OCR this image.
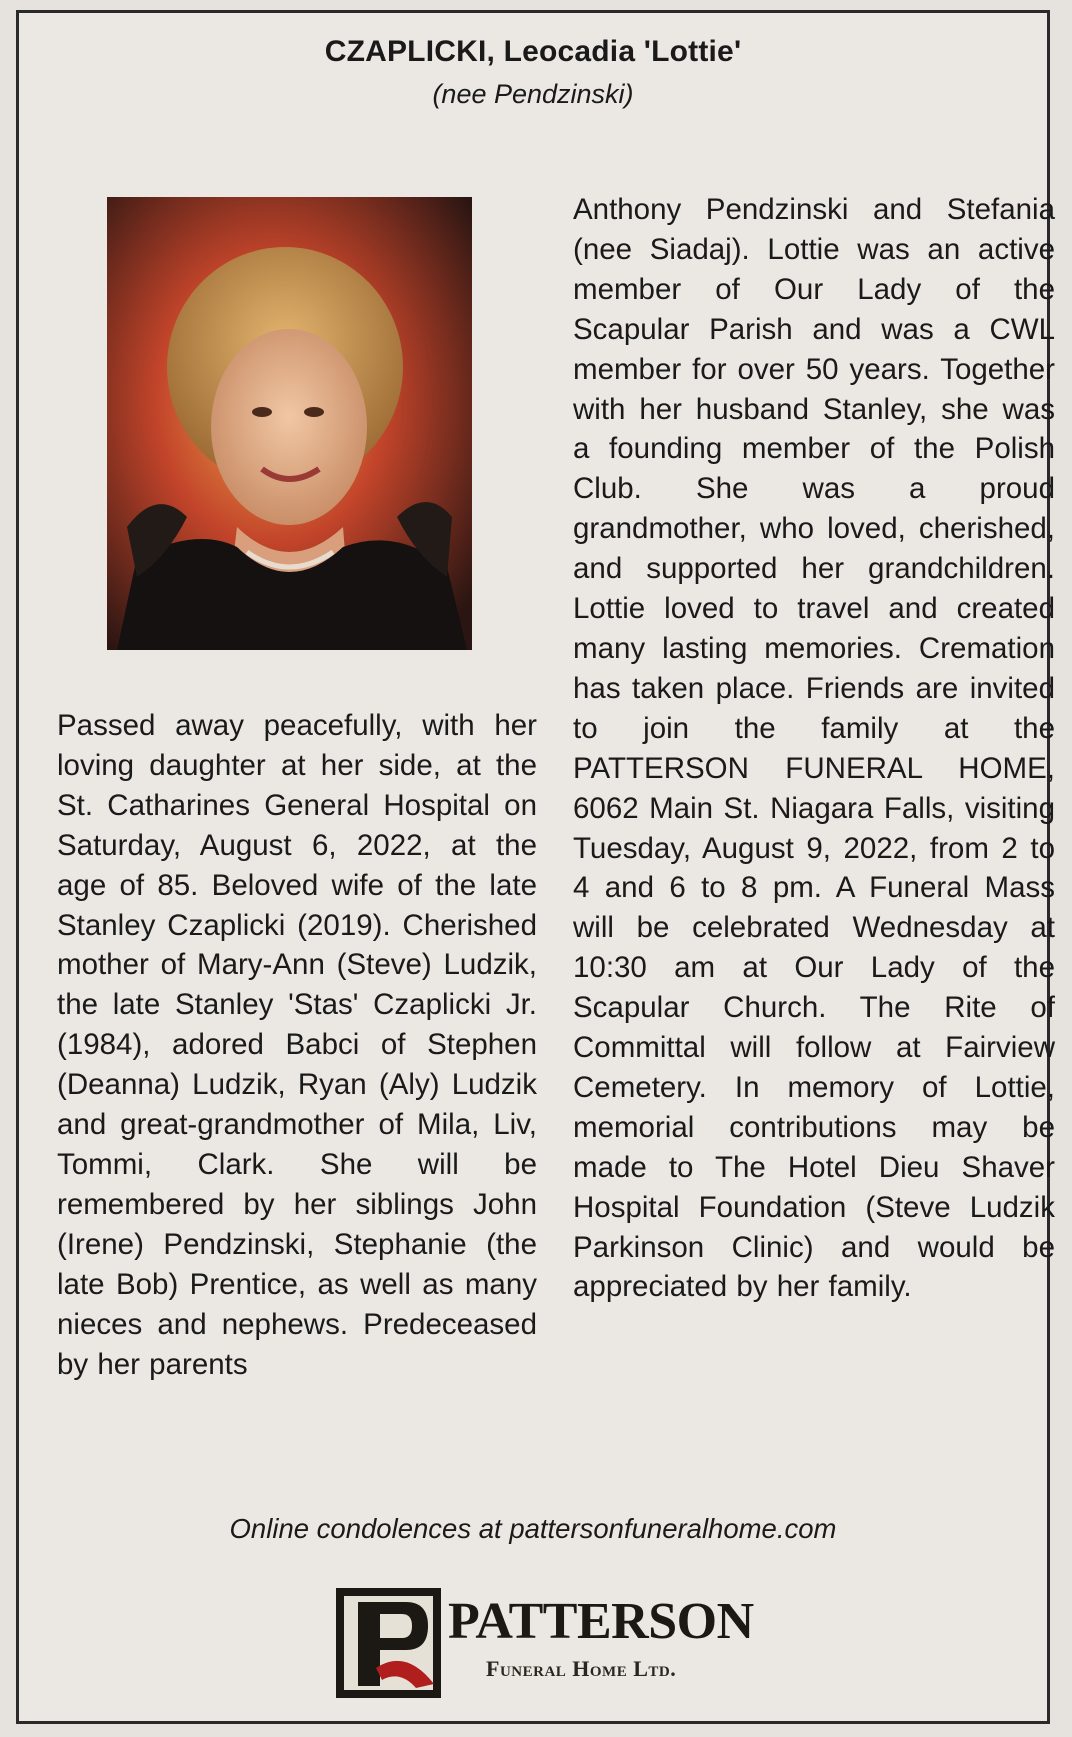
CZAPLICKI, Leocadia 'Lottie'
(nee Pendzinski)
Passed away peacefully, with her loving daughter at her side, at the St. Catharines General Hospital on Saturday, August 6, 2022, at the age of 85. Beloved wife of the late Stanley Czaplicki (2019). Cherished mother of Mary-Ann (Steve) Ludzik, the late Stanley 'Stas' Czaplicki Jr. (1984), adored Babci of Stephen (Deanna) Ludzik, Ryan (Aly) Ludzik and great-grandmother of Mila, Liv, Tommi, Clark. She will be remembered by her siblings John (Irene) Pendzinski, Stephanie (the late Bob) Prentice, as well as many nieces and nephews. Predeceased by her parents
Anthony Pendzinski and Stefania (nee Siadaj). Lottie was an active member of Our Lady of the Scapular Parish and was a CWL member for over 50 years. Together with her husband Stanley, she was a founding member of the Polish Club. She was a proud grandmother, who loved, cherished, and supported her grandchildren. Lottie loved to travel and created many lasting memories. Cremation has taken place. Friends are invited to join the family at the PATTERSON FUNERAL HOME, 6062 Main St. Niagara Falls, visiting Tuesday, August 9, 2022, from 2 to 4 and 6 to 8 pm. A Funeral Mass will be celebrated Wednesday at 10:30 am at Our Lady of the Scapular Church. The Rite of Committal will follow at Fairview Cemetery. In memory of Lottie, memorial contributions may be made to The Hotel Dieu Shaver Hospital Foundation (Steve Ludzik Parkinson Clinic) and would be appreciated by her family.
Online condolences at pattersonfuneralhome.com
PATTERSON
Funeral Home Ltd.
